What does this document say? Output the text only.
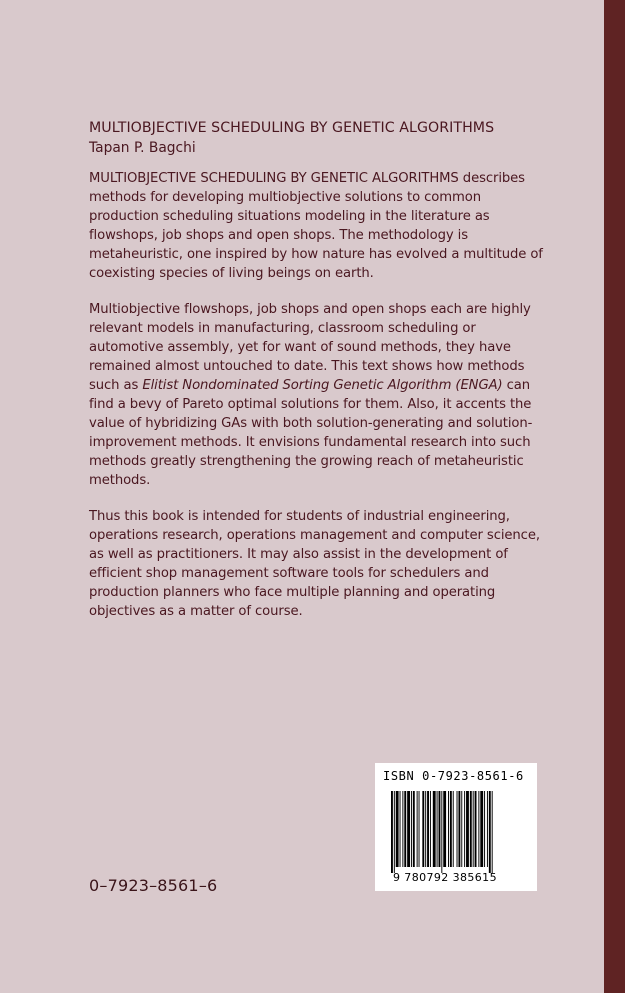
MULTIOBJECTIVE SCHEDULING BY GENETIC ALGORITHMS
Tapan P. Bagchi

MULTIOBJECTIVE SCHEDULING BY GENETIC ALGORITHMS describes methods for developing multiobjective solutions to common production scheduling situations modeling in the literature as flowshops, job shops and open shops. The methodology is metaheuristic, one inspired by how nature has evolved a multitude of coexisting species of living beings on earth.

Multiobjective flowshops, job shops and open shops each are highly relevant models in manufacturing, classroom scheduling or automotive assembly, yet for want of sound methods, they have remained almost untouched to date. This text shows how methods such as Elitist Nondominated Sorting Genetic Algorithm (ENGA) can find a bevy of Pareto optimal solutions for them. Also, it accents the value of hybridizing GAs with both solution-generating and solution-improvement methods. It envisions fundamental research into such methods greatly strengthening the growing reach of metaheuristic methods.

Thus this book is intended for students of industrial engineering, operations research, operations management and computer science, as well as practitioners. It may also assist in the development of efficient shop management software tools for schedulers and production planners who face multiple planning and operating objectives as a matter of course.

0–7923–8561–6
ISBN 0-7923-8561-6
9 780792 385615
